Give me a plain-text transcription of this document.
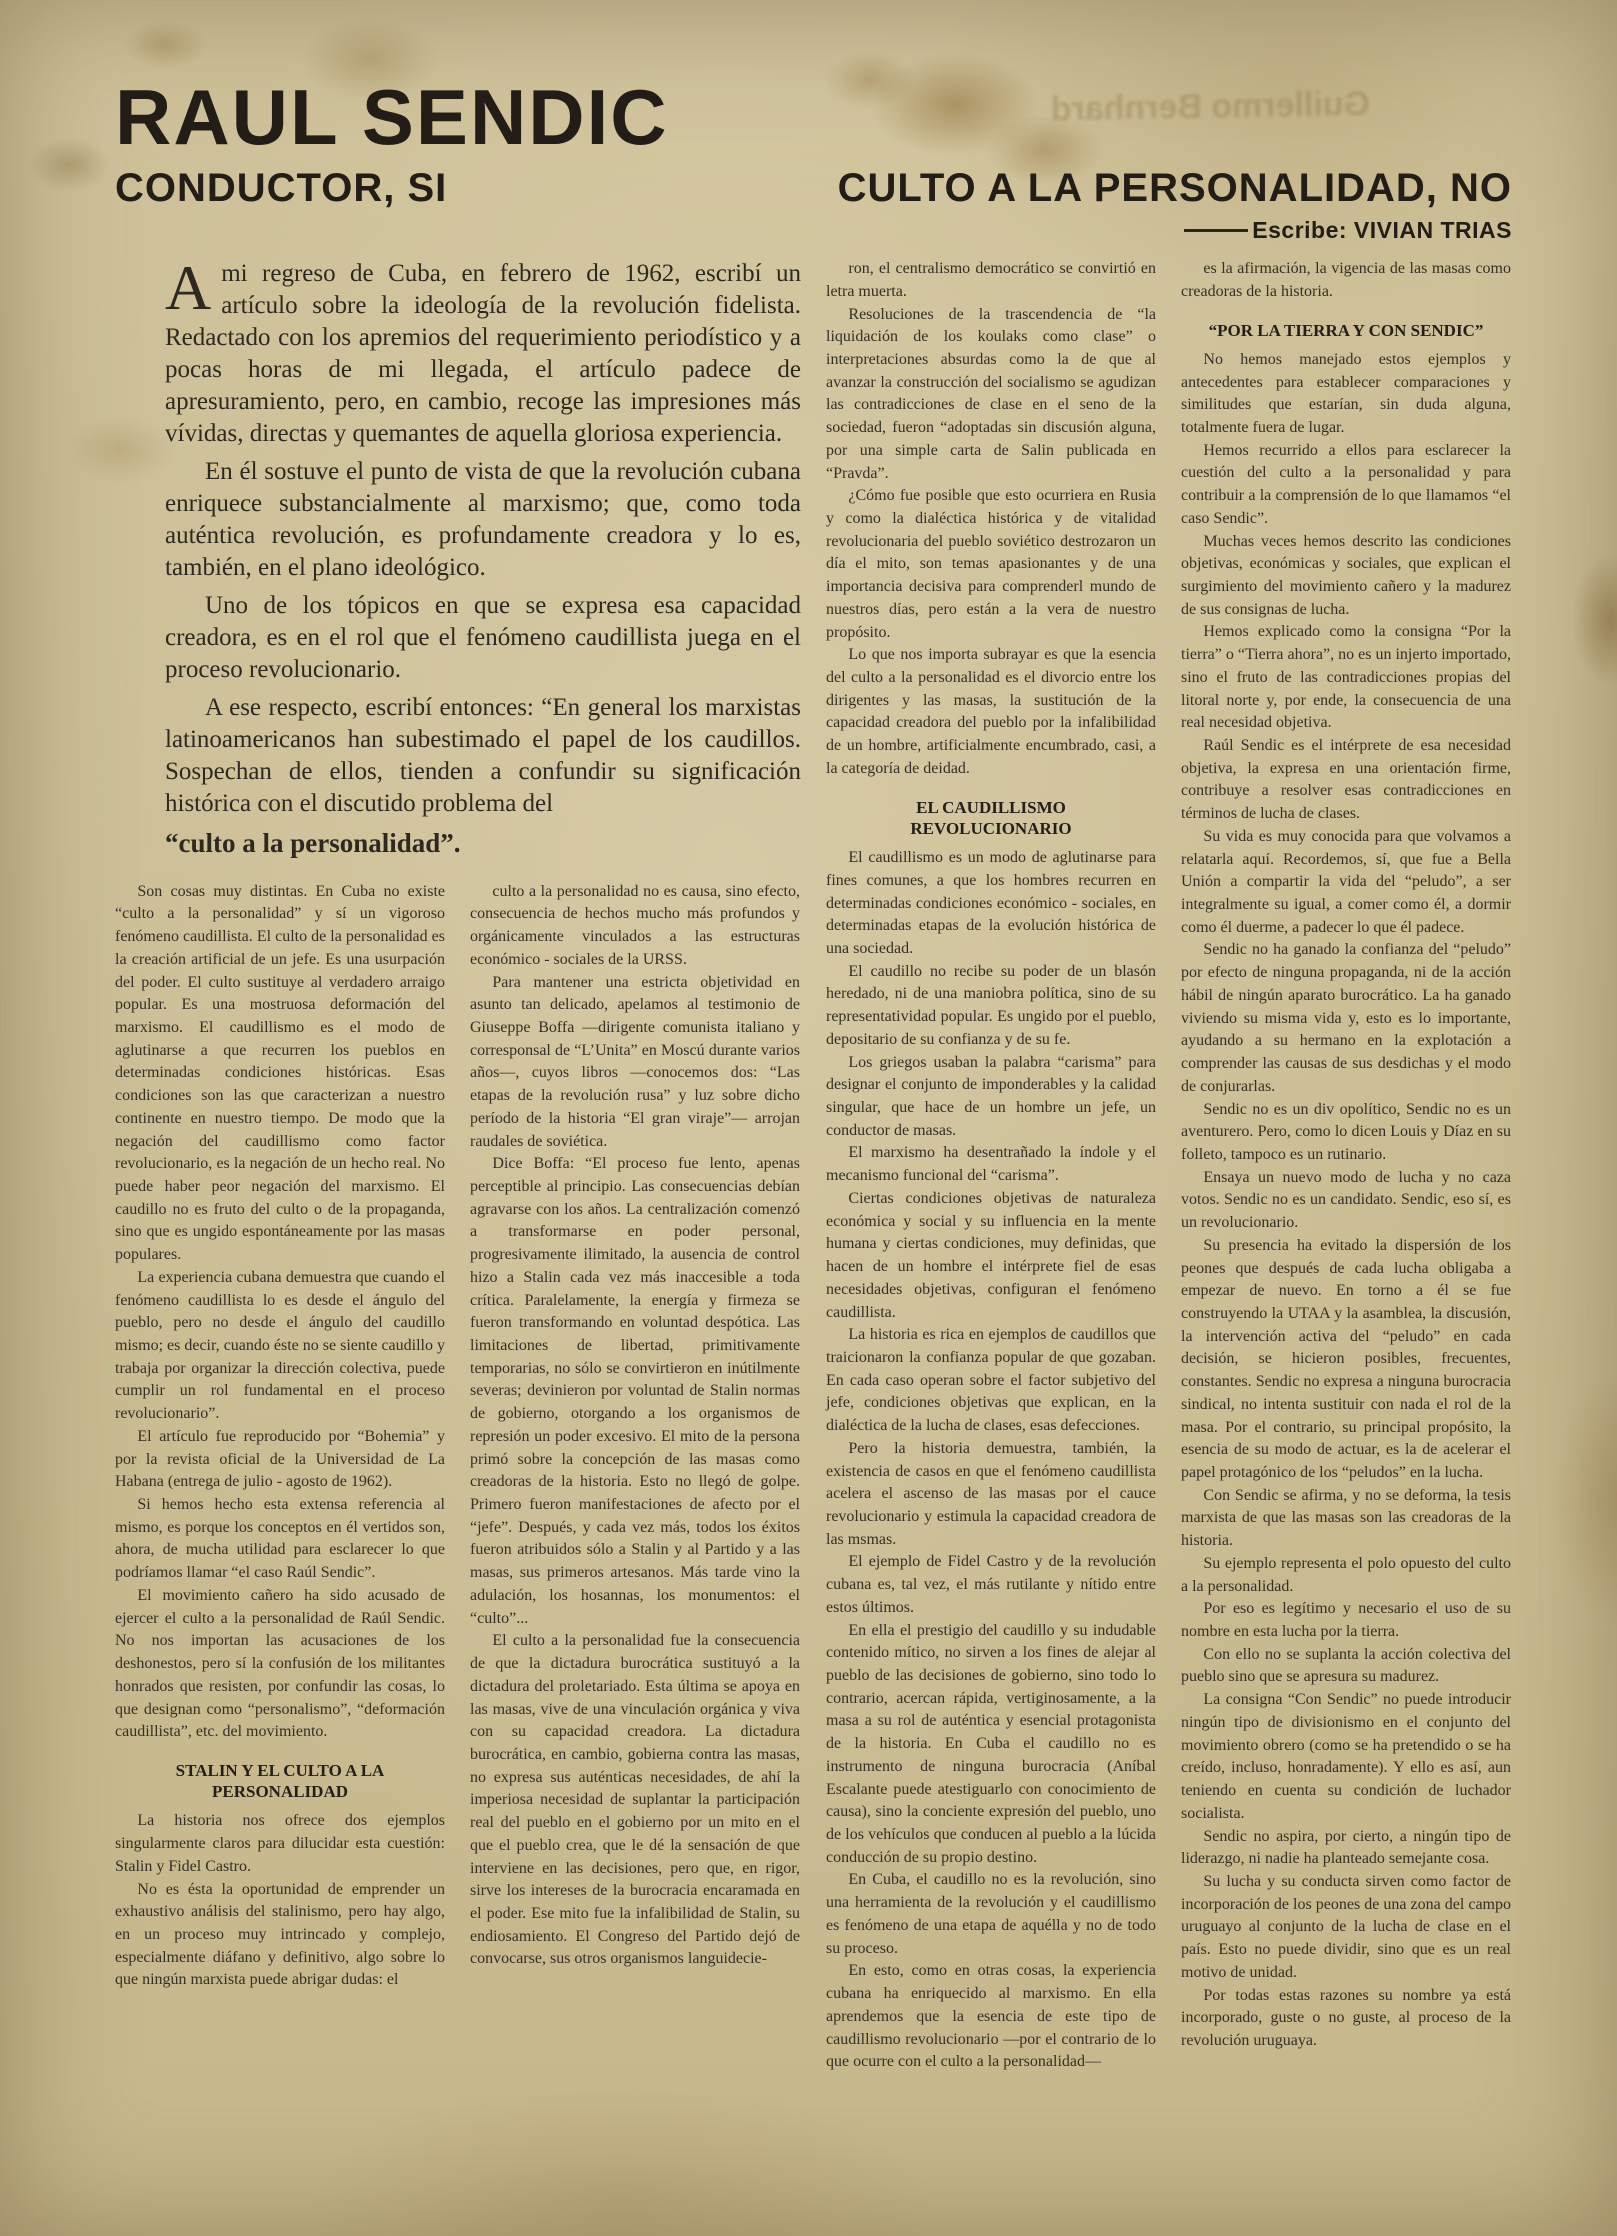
Guillermo Bernhard
RAUL SENDIC
CONDUCTOR, SI	CULTO A LA PERSONALIDAD, NO
Escribe: VIVIAN TRIAS

Ami regreso de Cuba, en febrero de 1962, escribí un artículo sobre la ideología de la revolución fidelista. Redactado con los apremios del requerimiento periodístico y a pocas horas de mi llegada, el artículo padece de apresuramiento, pero, en cambio, recoge las impresiones más vívidas, directas y quemantes de aquella gloriosa experiencia.

En él sostuve el punto de vista de que la revolución cubana enriquece substancialmente al marxismo; que, como toda auténtica revolución, es profundamente creadora y lo es, también, en el plano ideológico.

Uno de los tópicos en que se expresa esa capacidad creadora, es en el rol que el fenómeno caudillista juega en el proceso revolucionario.

A ese respecto, escribí entonces: “En general los marxistas latinoamericanos han subestimado el papel de los caudillos. Sospechan de ellos, tienden a confundir su significación histórica con el discutido problema del

“culto a la personalidad”.

Son cosas muy distintas. En Cuba no existe “culto a la personalidad” y sí un vigoroso fenómeno caudillista. El culto de la personalidad es la creación artificial de un jefe. Es una usurpación del poder. El culto sustituye al verdadero arraigo popular. Es una mostruosa deformación del marxismo. El caudillismo es el modo de aglutinarse a que recurren los pueblos en determinadas condiciones históricas. Esas condiciones son las que caracterizan a nuestro continente en nuestro tiempo. De modo que la negación del caudillismo como factor revolucionario, es la negación de un hecho real. No puede haber peor negación del marxismo. El caudillo no es fruto del culto o de la propaganda, sino que es ungido espontáneamente por las masas populares.

La experiencia cubana demuestra que cuando el fenómeno caudillista lo es desde el ángulo del pueblo, pero no desde el ángulo del caudillo mismo; es decir, cuando éste no se siente caudillo y trabaja por organizar la dirección colectiva, puede cumplir un rol fundamental en el proceso revolucionario”.

El artículo fue reproducido por “Bohemia” y por la revista oficial de la Universidad de La Habana (entrega de julio - agosto de 1962).

Si hemos hecho esta extensa referencia al mismo, es porque los conceptos en él vertidos son, ahora, de mucha utilidad para esclarecer lo que podríamos llamar “el caso Raúl Sendic”.

El movimiento cañero ha sido acusado de ejercer el culto a la personalidad de Raúl Sendic. No nos importan las acusaciones de los deshonestos, pero sí la confusión de los militantes honrados que resisten, por confundir las cosas, lo que designan como “personalismo”, “deformación caudillista”, etc. del movimiento.

STALIN Y EL CULTO A LA PERSONALIDAD

La historia nos ofrece dos ejemplos singularmente claros para dilucidar esta cuestión: Stalin y Fidel Castro.

No es ésta la oportunidad de emprender un exhaustivo análisis del stalinismo, pero hay algo, en un proceso muy intrincado y complejo, especialmente diáfano y definitivo, algo sobre lo que ningún marxista puede abrigar dudas: el

culto a la personalidad no es causa, sino efecto, consecuencia de hechos mucho más profundos y orgánicamente vinculados a las estructuras económico - sociales de la URSS.

Para mantener una estricta objetividad en asunto tan delicado, apelamos al testimonio de Giuseppe Boffa —dirigente comunista italiano y corresponsal de “L’Unita” en Moscú durante varios años—, cuyos libros —conocemos dos: “Las etapas de la revolución rusa” y luz sobre dicho período de la historia “El gran viraje”— arrojan raudales de soviética.

Dice Boffa: “El proceso fue lento, apenas perceptible al principio. Las consecuencias debían agravarse con los años. La centralización comenzó a transformarse en poder personal, progresivamente ilimitado, la ausencia de control hizo a Stalin cada vez más inaccesible a toda crítica. Paralelamente, la energía y firmeza se fueron transformando en voluntad despótica. Las limitaciones de libertad, primitivamente temporarias, no sólo se convirtieron en inútilmente severas; devinieron por voluntad de Stalin normas de gobierno, otorgando a los organismos de represión un poder excesivo. El mito de la persona primó sobre la concepción de las masas como creadoras de la historia. Esto no llegó de golpe. Primero fueron manifestaciones de afecto por el “jefe”. Después, y cada vez más, todos los éxitos fueron atribuidos sólo a Stalin y al Partido y a las masas, sus primeros artesanos. Más tarde vino la adulación, los hosannas, los monumentos: el “culto”...

El culto a la personalidad fue la consecuencia de que la dictadura burocrática sustituyó a la dictadura del proletariado. Esta última se apoya en las masas, vive de una vinculación orgánica y viva con su capacidad creadora. La dictadura burocrática, en cambio, gobierna contra las masas, no expresa sus auténticas necesidades, de ahí la imperiosa necesidad de suplantar la participación real del pueblo en el gobierno por un mito en el que el pueblo crea, que le dé la sensación de que interviene en las decisiones, pero que, en rigor, sirve los intereses de la burocracia encaramada en el poder. Ese mito fue la infalibilidad de Stalin, su endiosamiento. El Congreso del Partido dejó de convocarse, sus otros organismos languidecie-

ron, el centralismo democrático se convirtió en letra muerta.

Resoluciones de la trascendencia de “la liquidación de los koulaks como clase” o interpretaciones absurdas como la de que al avanzar la construcción del socialismo se agudizan las contradicciones de clase en el seno de la sociedad, fueron “adoptadas sin discusión alguna, por una simple carta de Salin publicada en “Pravda”.

¿Cómo fue posible que esto ocurriera en Rusia y como la dialéctica histórica y de vitalidad revolucionaria del pueblo soviético destrozaron un día el mito, son temas apasionantes y de una importancia decisiva para comprenderl mundo de nuestros días, pero están a la vera de nuestro propósito.

Lo que nos importa subrayar es que la esencia del culto a la personalidad es el divorcio entre los dirigentes y las masas, la sustitución de la capacidad creadora del pueblo por la infalibilidad de un hombre, artificialmente encumbrado, casi, a la categoría de deidad.

EL CAUDILLISMO REVOLUCIONARIO

El caudillismo es un modo de aglutinarse para fines comunes, a que los hombres recurren en determinadas condiciones económico - sociales, en determinadas etapas de la evolución histórica de una sociedad.

El caudillo no recibe su poder de un blasón heredado, ni de una maniobra política, sino de su representatividad popular. Es ungido por el pueblo, depositario de su confianza y de su fe.

Los griegos usaban la palabra “carisma” para designar el conjunto de imponderables y la calidad singular, que hace de un hombre un jefe, un conductor de masas.

El marxismo ha desentrañado la índole y el mecanismo funcional del “carisma”.

Ciertas condiciones objetivas de naturaleza económica y social y su influencia en la mente humana y ciertas condiciones, muy definidas, que hacen de un hombre el intérprete fiel de esas necesidades objetivas, configuran el fenómeno caudillista.

La historia es rica en ejemplos de caudillos que traicionaron la confianza popular de que gozaban. En cada caso operan sobre el factor subjetivo del jefe, condiciones objetivas que explican, en la dialéctica de la lucha de clases, esas defecciones.

Pero la historia demuestra, también, la existencia de casos en que el fenómeno caudillista acelera el ascenso de las masas por el cauce revolucionario y estimula la capacidad creadora de las msmas.

El ejemplo de Fidel Castro y de la revolución cubana es, tal vez, el más rutilante y nítido entre estos últimos.

En ella el prestigio del caudillo y su indudable contenido mítico, no sirven a los fines de alejar al pueblo de las decisiones de gobierno, sino todo lo contrario, acercan rápida, vertiginosamente, a la masa a su rol de auténtica y esencial protagonista de la historia. En Cuba el caudillo no es instrumento de ninguna burocracia (Aníbal Escalante puede atestiguarlo con conocimiento de causa), sino la conciente expresión del pueblo, uno de los vehículos que conducen al pueblo a la lúcida conducción de su propio destino.

En Cuba, el caudillo no es la revolución, sino una herramienta de la revolución y el caudillismo es fenómeno de una etapa de aquélla y no de todo su proceso.

En esto, como en otras cosas, la experiencia cubana ha enriquecido al marxismo. En ella aprendemos que la esencia de este tipo de caudillismo revolucionario —por el contrario de lo que ocurre con el culto a la personalidad—

es la afirmación, la vigencia de las masas como creadoras de la historia.

“POR LA TIERRA Y CON SENDIC”

No hemos manejado estos ejemplos y antecedentes para establecer comparaciones y similitudes que estarían, sin duda alguna, totalmente fuera de lugar.

Hemos recurrido a ellos para esclarecer la cuestión del culto a la personalidad y para contribuir a la comprensión de lo que llamamos “el caso Sendic”.

Muchas veces hemos descrito las condiciones objetivas, económicas y sociales, que explican el surgimiento del movimiento cañero y la madurez de sus consignas de lucha.

Hemos explicado como la consigna “Por la tierra” o “Tierra ahora”, no es un injerto importado, sino el fruto de las contradicciones propias del litoral norte y, por ende, la consecuencia de una real necesidad objetiva.

Raúl Sendic es el intérprete de esa necesidad objetiva, la expresa en una orientación firme, contribuye a resolver esas contradicciones en términos de lucha de clases.

Su vida es muy conocida para que volvamos a relatarla aquí. Recordemos, sí, que fue a Bella Unión a compartir la vida del “peludo”, a ser integralmente su igual, a comer como él, a dormir como él duerme, a padecer lo que él padece.

Sendic no ha ganado la confianza del “peludo” por efecto de ninguna propaganda, ni de la acción hábil de ningún aparato burocrático. La ha ganado viviendo su misma vida y, esto es lo importante, ayudando a su hermano en la explotación a comprender las causas de sus desdichas y el modo de conjurarlas.

Sendic no es un div opolítico, Sendic no es un aventurero. Pero, como lo dicen Louis y Díaz en su folleto, tampoco es un rutinario.

Ensaya un nuevo modo de lucha y no caza votos. Sendic no es un candidato. Sendic, eso sí, es un revolucionario.

Su presencia ha evitado la dispersión de los peones que después de cada lucha obligaba a empezar de nuevo. En torno a él se fue construyendo la UTAA y la asamblea, la discusión, la intervención activa del “peludo” en cada decisión, se hicieron posibles, frecuentes, constantes. Sendic no expresa a ninguna burocracia sindical, no intenta sustituir con nada el rol de la masa. Por el contrario, su principal propósito, la esencia de su modo de actuar, es la de acelerar el papel protagónico de los “peludos” en la lucha.

Con Sendic se afirma, y no se deforma, la tesis marxista de que las masas son las creadoras de la historia.

Su ejemplo representa el polo opuesto del culto a la personalidad.

Por eso es legítimo y necesario el uso de su nombre en esta lucha por la tierra.

Con ello no se suplanta la acción colectiva del pueblo sino que se apresura su madurez.

La consigna “Con Sendic” no puede introducir ningún tipo de divisionismo en el conjunto del movimiento obrero (como se ha pretendido o se ha creído, incluso, honradamente). Y ello es así, aun teniendo en cuenta su condición de luchador socialista.

Sendic no aspira, por cierto, a ningún tipo de liderazgo, ni nadie ha planteado semejante cosa.

Su lucha y su conducta sirven como factor de incorporación de los peones de una zona del campo uruguayo al conjunto de la lucha de clase en el país. Esto no puede dividir, sino que es un real motivo de unidad.

Por todas estas razones su nombre ya está incorporado, guste o no guste, al proceso de la revolución uruguaya.
